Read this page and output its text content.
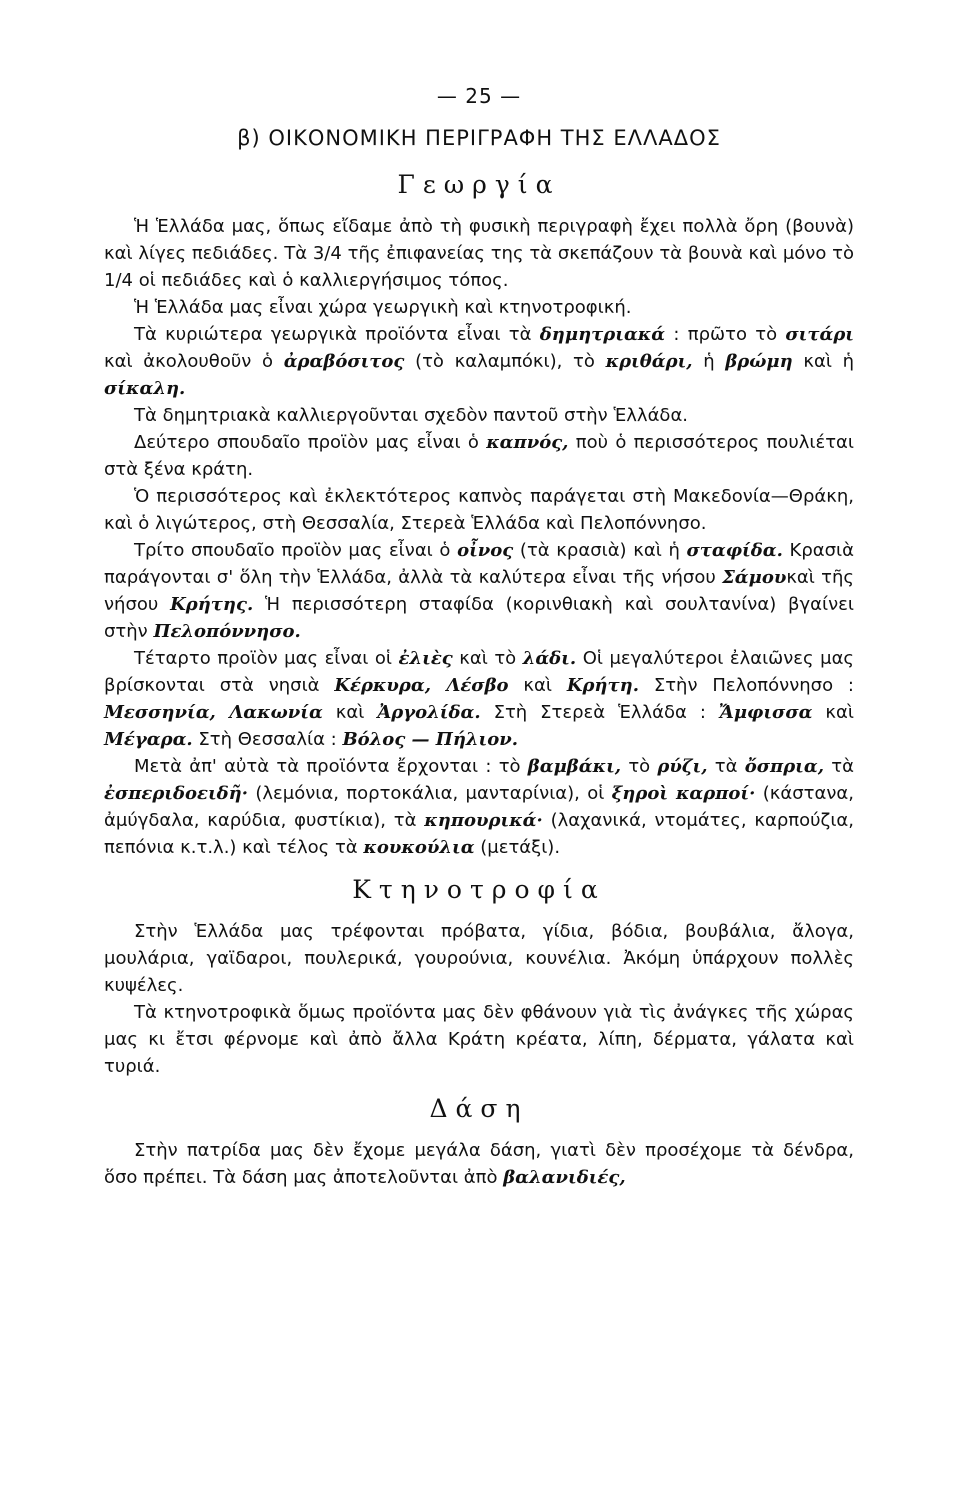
— 25 —
β) ΟΙΚΟΝΟΜΙΚΗ ΠΕΡΙΓΡΑΦΗ ΤΗΣ ΕΛΛΑΔΟΣ
Γεωργία

Ἡ Ἑλλάδα μας, ὅπως εἴδαμε ἀπὸ τὴ φυσικὴ περιγραφὴ ἔχει πολλὰ ὄρη (βουνὰ) καὶ λίγες πεδιάδες. Τὰ 3/4 τῆς ἐπιφανείας της τὰ σκεπάζουν τὰ βουνὰ καὶ μόνο τὸ 1/4 οἱ πεδιάδες καὶ ὁ καλλιεργήσιμος τόπος.

Ἡ Ἑλλάδα μας εἶναι χώρα γεωργικὴ καὶ κτηνοτροφική.

Τὰ κυριώτερα γεωργικὰ προϊόντα εἶναι τὰ δημητριακά : πρῶτο τὸ σιτάρι καὶ ἀκολουθοῦν ὁ ἀραβόσιτος (τὸ καλαμπόκι), τὸ κριθάρι, ἡ βρώμη καὶ ἡ σίκαλη.

Τὰ δημητριακὰ καλλιεργοῦνται σχεδὸν παντοῦ στὴν Ἑλλάδα.

Δεύτερο σπουδαῖο προϊὸν μας εἶναι ὁ καπνός, ποὺ ὁ περισσότερος πουλιέται στὰ ξένα κράτη.

Ὁ περισσότερος καὶ ἐκλεκτότερος καπνὸς παράγεται στὴ Μακεδονία—Θράκη, καὶ ὁ λιγώτερος, στὴ Θεσσαλία, Στερεὰ Ἑλλάδα καὶ Πελοπόννησο.

Τρίτο σπουδαῖο προϊὸν μας εἶναι ὁ οἶνος (τὰ κρασιὰ) καὶ ἡ σταφίδα. Κρασιὰ παράγονται σ' ὅλη τὴν Ἑλλάδα, ἀλλὰ τὰ καλύτερα εἶναι τῆς νήσου Σάμουκαὶ τῆς νήσου Κρήτης. Ἡ περισσότερη σταφίδα (κορινθιακὴ καὶ σουλτανίνα) βγαίνει στὴν Πελοπόννησο.

Τέταρτο προϊὸν μας εἶναι οἱ ἐλιὲς καὶ τὸ λάδι. Οἱ μεγαλύτεροι ἐλαιῶνες μας βρίσκονται στὰ νησιὰ Κέρκυρα, Λέσβο καὶ Κρήτη. Στὴν Πελοπόννησο : Μεσσηνία, Λακωνία καὶ Ἀργολίδα. Στὴ Στερεὰ Ἑλλάδα : Ἄμφισσα καὶ Μέγαρα. Στὴ Θεσσαλία : Βόλος — Πήλιον.

Μετὰ ἀπ' αὐτὰ τὰ προϊόντα ἔρχονται : τὸ βαμβάκι, τὸ ρύζι, τὰ ὄσπρια, τὰ ἐσπεριδοειδῆ· (λεμόνια, πορτοκάλια, μανταρίνια), οἱ ξηροὶ καρποί· (κάστανα, ἀμύγδαλα, καρύδια, φυστίκια), τὰ κηπουρικά· (λαχανικά, ντομάτες, καρπούζια, πεπόνια κ.τ.λ.) καὶ τέλος τὰ κουκούλια (μετάξι).

Κτηνοτροφία

Στὴν Ἑλλάδα μας τρέφονται πρόβατα, γίδια, βόδια, βουβάλια, ἄλογα, μουλάρια, γαϊδαροι, πουλερικά, γουρούνια, κουνέλια. Ἀκόμη ὑπάρχουν πολλὲς κυψέλες.

Τὰ κτηνοτροφικὰ ὅμως προϊόντα μας δὲν φθάνουν γιὰ τὶς ἀνάγκες τῆς χώρας μας κι ἔτσι φέρνομε καὶ ἀπὸ ἄλλα Κράτη κρέατα, λίπη, δέρματα, γάλατα καὶ τυριά.

Δάση

Στὴν πατρίδα μας δὲν ἔχομε μεγάλα δάση, γιατὶ δὲν προσέχομε τὰ δένδρα, ὅσο πρέπει. Τὰ δάση μας ἀποτελοῦνται ἀπὸ βαλανιδιές,
